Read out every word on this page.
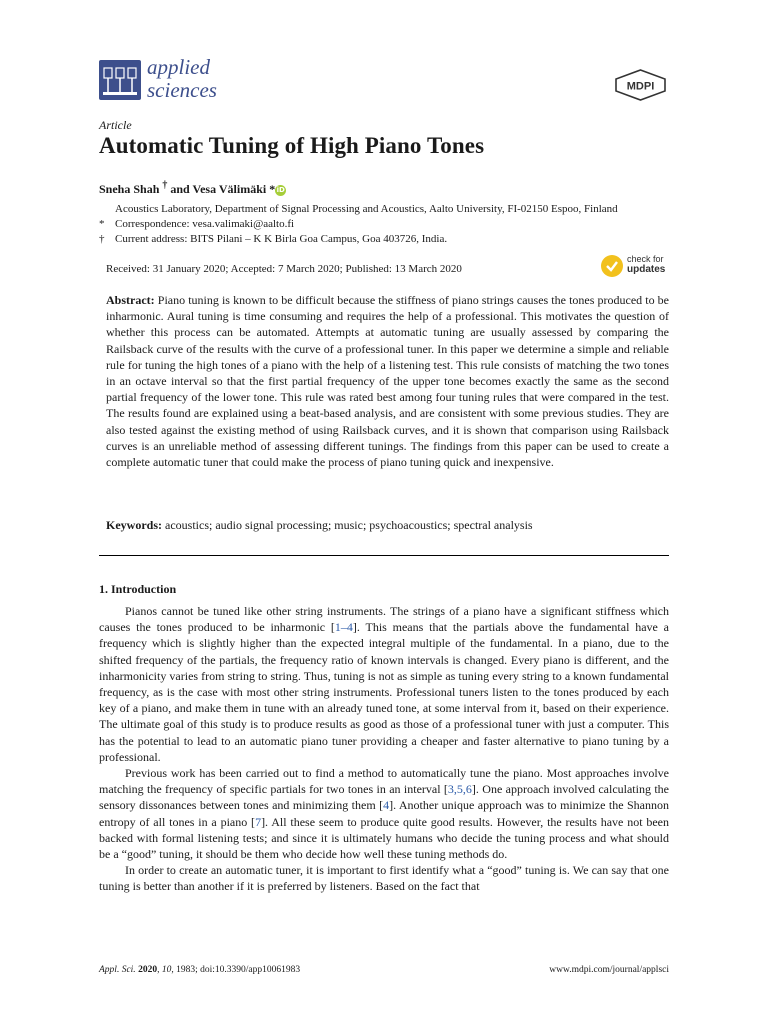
applied
sciences	MDPI
Article
Automatic Tuning of High Piano Tones
Sneha Shah † and Vesa Välimäki *iD
Acoustics Laboratory, Department of Signal Processing and Acoustics, Aalto University, FI-02150 Espoo, Finland
* Correspondence: vesa.valimaki@aalto.fi
† Current address: BITS Pilani – K K Birla Goa Campus, Goa 403726, India.
Received: 31 January 2020; Accepted: 7 March 2020; Published: 13 March 2020
check for
updates
Abstract: Piano tuning is known to be difficult because the stiffness of piano strings causes the tones produced to be inharmonic. Aural tuning is time consuming and requires the help of a professional. This motivates the question of whether this process can be automated. Attempts at automatic tuning are usually assessed by comparing the Railsback curve of the results with the curve of a professional tuner. In this paper we determine a simple and reliable rule for tuning the high tones of a piano with the help of a listening test. This rule consists of matching the two tones in an octave interval so that the first partial frequency of the upper tone becomes exactly the same as the second partial frequency of the lower tone. This rule was rated best among four tuning rules that were compared in the test. The results found are explained using a beat-based analysis, and are consistent with some previous studies. They are also tested against the existing method of using Railsback curves, and it is shown that comparison using Railsback curves is an unreliable method of assessing different tunings. The findings from this paper can be used to create a complete automatic tuner that could make the process of piano tuning quick and inexpensive.
Keywords: acoustics; audio signal processing; music; psychoacoustics; spectral analysis
1. Introduction

Pianos cannot be tuned like other string instruments. The strings of a piano have a significant stiffness which causes the tones produced to be inharmonic [1–4]. This means that the partials above the fundamental have a frequency which is slightly higher than the expected integral multiple of the fundamental. In a piano, due to the shifted frequency of the partials, the frequency ratio of known intervals is changed. Every piano is different, and the inharmonicity varies from string to string. Thus, tuning is not as simple as tuning every string to a known fundamental frequency, as is the case with most other string instruments. Professional tuners listen to the tones produced by each key of a piano, and make them in tune with an already tuned tone, at some interval from it, based on their experience. The ultimate goal of this study is to produce results as good as those of a professional tuner with just a computer. This has the potential to lead to an automatic piano tuner providing a cheaper and faster alternative to piano tuning by a professional.

Previous work has been carried out to find a method to automatically tune the piano. Most approaches involve matching the frequency of specific partials for two tones in an interval [3,5,6]. One approach involved calculating the sensory dissonances between tones and minimizing them [4]. Another unique approach was to minimize the Shannon entropy of all tones in a piano [7]. All these seem to produce quite good results. However, the results have not been backed with formal listening tests; and since it is ultimately humans who decide the tuning process and what should be a “good” tuning, it should be them who decide how well these tuning methods do.

In order to create an automatic tuner, it is important to first identify what a “good” tuning is. We can say that one tuning is better than another if it is preferred by listeners. Based on the fact that

Appl. Sci. 2020, 10, 1983; doi:10.3390/app10061983	www.mdpi.com/journal/applsci
